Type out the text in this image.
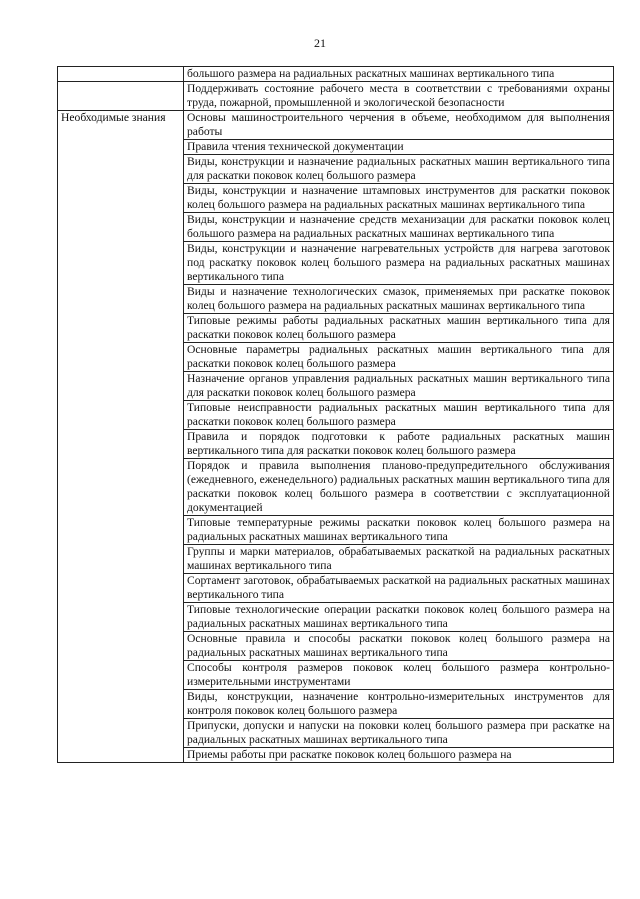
21

	большого размера на радиальных раскатных машинах вертикального типа

	Поддерживать состояние рабочего места в соответствии с требованиями охраны труда, пожарной, промышленной и экологической безопасности

Необходимые знания	Основы машиностроительного черчения в объеме, необходимом для выполнения работы

	Правила чтения технической документации

	Виды, конструкции и назначение радиальных раскатных машин вертикального типа для раскатки поковок колец большого размера

	Виды, конструкции и назначение штамповых инструментов для раскатки поковок колец большого размера на радиальных раскатных машинах вертикального типа

	Виды, конструкции и назначение средств механизации для раскатки поковок колец большого размера на радиальных раскатных машинах вертикального типа

	Виды, конструкции и назначение нагревательных устройств для нагрева заготовок под раскатку поковок колец большого размера на радиальных раскатных машинах вертикального типа

	Виды и назначение технологических смазок, применяемых при раскатке поковок колец большого размера на радиальных раскатных машинах вертикального типа

	Типовые режимы работы радиальных раскатных машин вертикального типа для раскатки поковок колец большого размера

	Основные параметры радиальных раскатных машин вертикального типа для раскатки поковок колец большого размера

	Назначение органов управления радиальных раскатных машин вертикального типа для раскатки поковок колец большого размера

	Типовые неисправности радиальных раскатных машин вертикального типа для раскатки поковок колец большого размера

	Правила и порядок подготовки к работе радиальных раскатных машин вертикального типа для раскатки поковок колец большого размера

	Порядок и правила выполнения планово-предупредительного обслуживания (ежедневного, еженедельного) радиальных раскатных машин вертикального типа для раскатки поковок колец большого размера в соответствии с эксплуатационной документацией

	Типовые температурные режимы раскатки поковок колец большого размера на радиальных раскатных машинах вертикального типа

	Группы и марки материалов, обрабатываемых раскаткой на радиальных раскатных машинах вертикального типа

	Сортамент заготовок, обрабатываемых раскаткой на радиальных раскатных машинах вертикального типа

	Типовые технологические операции раскатки поковок колец большого размера на радиальных раскатных машинах вертикального типа

	Основные правила и способы раскатки поковок колец большого размера на радиальных раскатных машинах вертикального типа

	Способы контроля размеров поковок колец большого размера контрольно-измерительными инструментами

	Виды, конструкции, назначение контрольно-измерительных инструментов для контроля поковок колец большого размера

	Припуски, допуски и напуски на поковки колец большого размера при раскатке на радиальных раскатных машинах вертикального типа

	Приемы работы при раскатке поковок колец большого размера на
